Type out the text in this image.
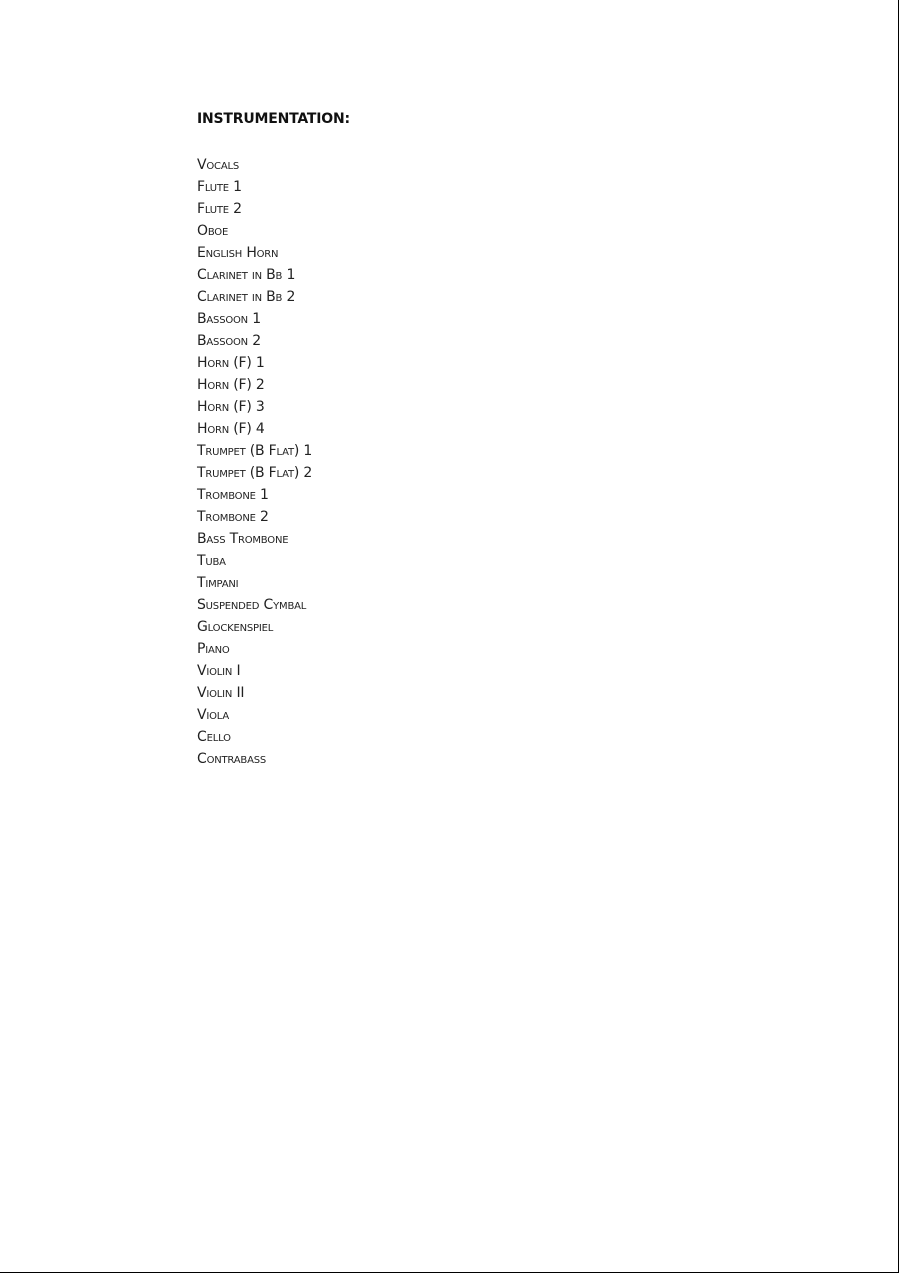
INSTRUMENTATION:
Vocals
Flute 1
Flute 2
Oboe
English Horn
Clarinet in Bb 1
Clarinet in Bb 2
Bassoon 1
Bassoon 2
Horn (F) 1
Horn (F) 2
Horn (F) 3
Horn (F) 4
Trumpet (B Flat) 1
Trumpet (B Flat) 2
Trombone 1
Trombone 2
Bass Trombone
Tuba
Timpani
Suspended Cymbal
Glockenspiel
Piano
Violin I
Violin II
Viola
Cello
Contrabass
